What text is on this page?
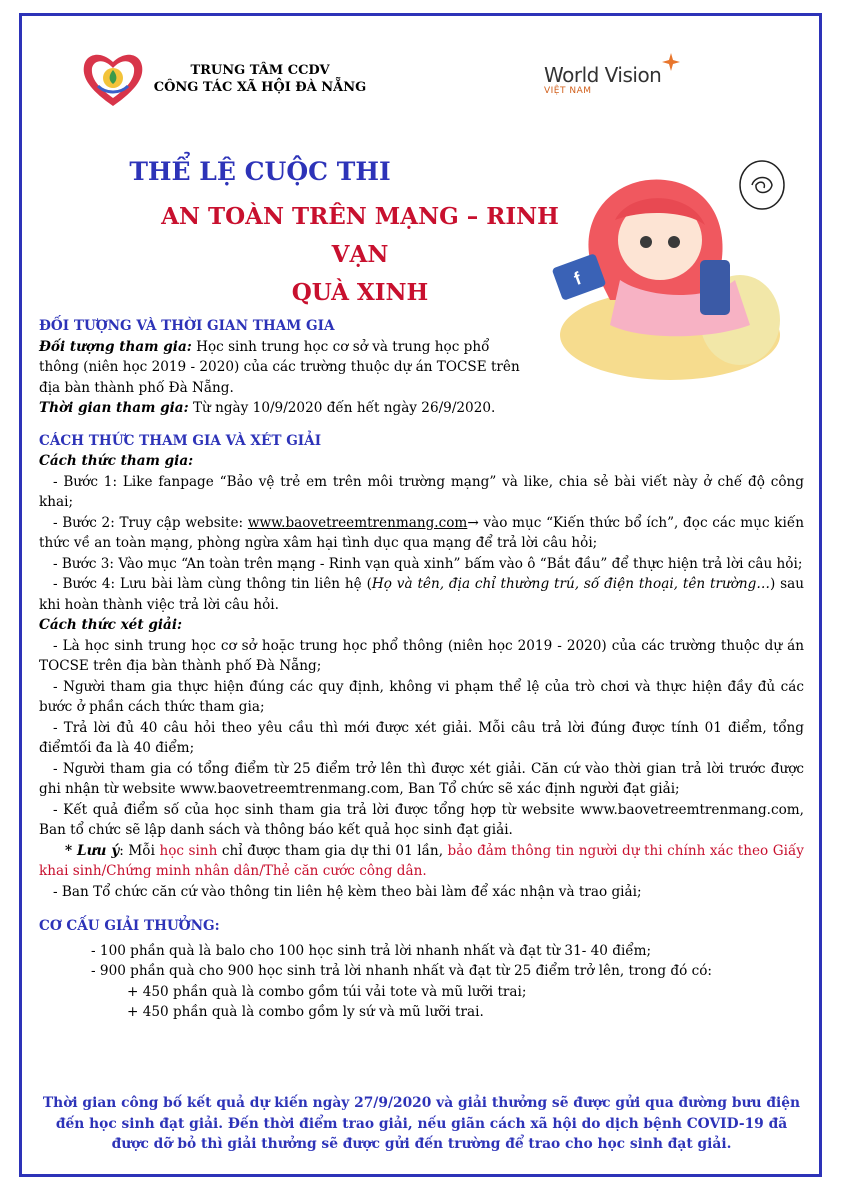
TRUNG TÂM CCDV
CÔNG TÁC XÃ HỘI ĐÀ NẴNG
World Vision
VIỆT NAM
THỂ LỆ CUỘC THI
AN TOÀN TRÊN MẠNG – RINH VẠN
QUÀ XINH
f
ĐỐI TƯỢNG VÀ THỜI GIAN THAM GIA
Đối tượng tham gia: Học sinh trung học cơ sở và trung học phổ thông (niên học 2019 - 2020) của các trường thuộc dự án TOCSE trên địa bàn thành phố Đà Nẵng.
Thời gian tham gia: Từ ngày 10/9/2020 đến hết ngày 26/9/2020.
CÁCH THỨC THAM GIA VÀ XÉT GIẢI
Cách thức tham gia:
- Bước 1: Like fanpage “Bảo vệ trẻ em trên môi trường mạng” và like, chia sẻ bài viết này ở chế độ công khai;
- Bước 2: Truy cập website: www.baovetreemtrenmang.com→ vào mục “Kiến thức bổ ích”, đọc các mục kiến thức về an toàn mạng, phòng ngừa xâm hại tình dục qua mạng để trả lời câu hỏi;
- Bước 3: Vào mục “An toàn trên mạng - Rinh vạn quà xinh” bấm vào ô “Bắt đầu” để thực hiện trả lời câu hỏi;
- Bước 4: Lưu bài làm cùng thông tin liên hệ (Họ và tên, địa chỉ thường trú, số điện thoại, tên trường…) sau khi hoàn thành việc trả lời câu hỏi.
Cách thức xét giải:
- Là học sinh trung học cơ sở hoặc trung học phổ thông (niên học 2019 - 2020) của các trường thuộc dự án TOCSE trên địa bàn thành phố Đà Nẵng;
- Người tham gia thực hiện đúng các quy định, không vi phạm thể lệ của trò chơi và thực hiện đầy đủ các bước ở phần cách thức tham gia;
- Trả lời đủ 40 câu hỏi theo yêu cầu thì mới được xét giải. Mỗi câu trả lời đúng được tính 01 điểm, tổng điểmtối đa là 40 điểm;
- Người tham gia có tổng điểm từ 25 điểm trở lên thì được xét giải. Căn cứ vào thời gian trả lời trước được ghi nhận từ website www.baovetreemtrenmang.com, Ban Tổ chức sẽ xác định người đạt giải;
- Kết quả điểm số của học sinh tham gia trả lời được tổng hợp từ website www.baovetreemtrenmang.com, Ban tổ chức sẽ lập danh sách và thông báo kết quả học sinh đạt giải.
* Lưu ý: Mỗi học sinh chỉ được tham gia dự thi 01 lần, bảo đảm thông tin người dự thi chính xác theo Giấy khai sinh/Chứng minh nhân dân/Thẻ căn cước công dân.
- Ban Tổ chức căn cứ vào thông tin liên hệ kèm theo bài làm để xác nhận và trao giải;
CƠ CẤU GIẢI THƯỞNG:
- 100 phần quà là balo cho 100 học sinh trả lời nhanh nhất và đạt từ 31- 40 điểm;
- 900 phần quà cho 900 học sinh trả lời nhanh nhất và đạt từ 25 điểm trở lên, trong đó có:
+ 450 phần quà là combo gồm túi vải tote và mũ lưỡi trai;
+ 450 phần quà là combo gồm ly sứ và mũ lưỡi trai.
Thời gian công bố kết quả dự kiến ngày 27/9/2020 và giải thưởng sẽ được gửi qua đường bưu điện đến học sinh đạt giải. Đến thời điểm trao giải, nếu giãn cách xã hội do dịch bệnh COVID-19 đã được dỡ bỏ thì giải thưởng sẽ được gửi đến trường để trao cho học sinh đạt giải.
